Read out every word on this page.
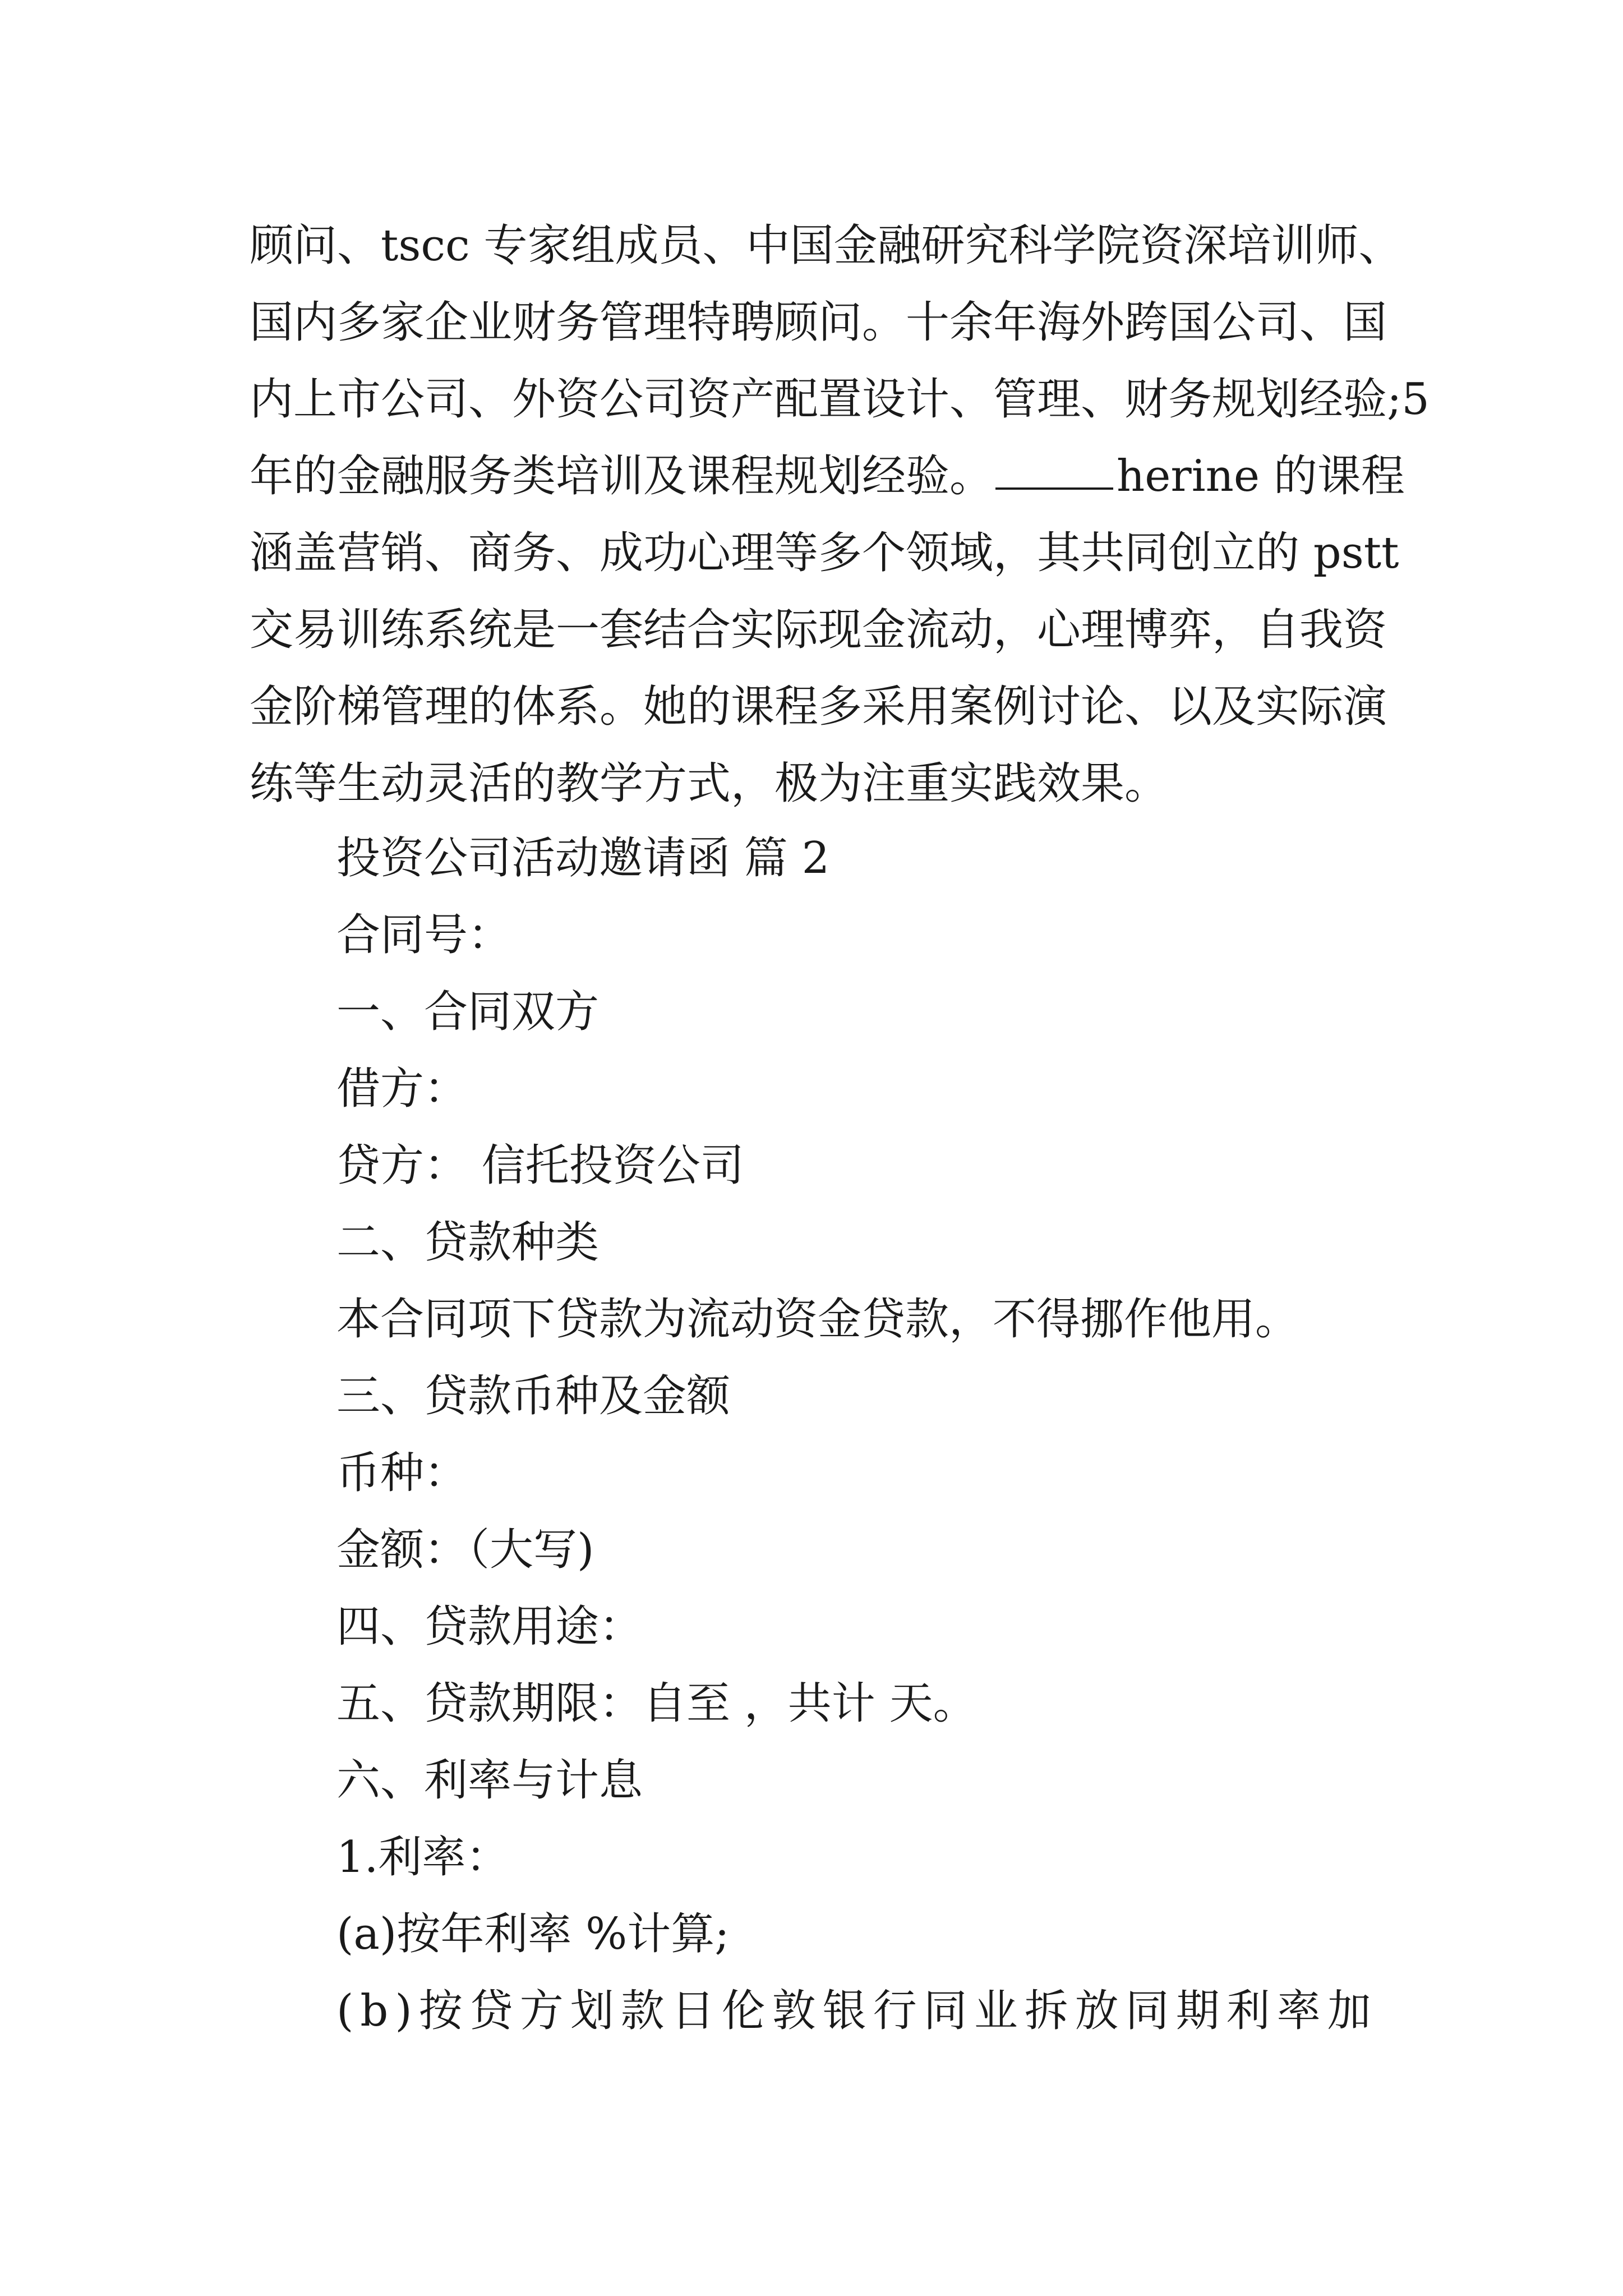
顾问、tscc 专家组成员、中国金融研究科学院资深培训师、
国内多家企业财务管理特聘顾问。十余年海外跨国公司、国
内上市公司、外资公司资产配置设计、管理、财务规划经验;5
年的金融服务类培训及课程规划经验。	herine 的课程
涵盖营销、商务、成功心理等多个领域，其共同创立的 pstt
交易训练系统是一套结合实际现金流动，心理博弈，自我资
金阶梯管理的体系。她的课程多采用案例讨论、以及实际演
练等生动灵活的教学方式，极为注重实践效果。
投资公司活动邀请函 篇 2
合同号：
一、合同双方
借方：
贷方： 信托投资公司
二、贷款种类
本合同项下贷款为流动资金贷款，不得挪作他用。
三、贷款币种及金额
币种：
金额：（大写)
四、贷款用途：
五、贷款期限：自至 ，共计 天。
六、利率与计息
1.利率：
(a)按年利率 %计算;
(b)按贷方划款日伦敦银行同业拆放同期利率加
